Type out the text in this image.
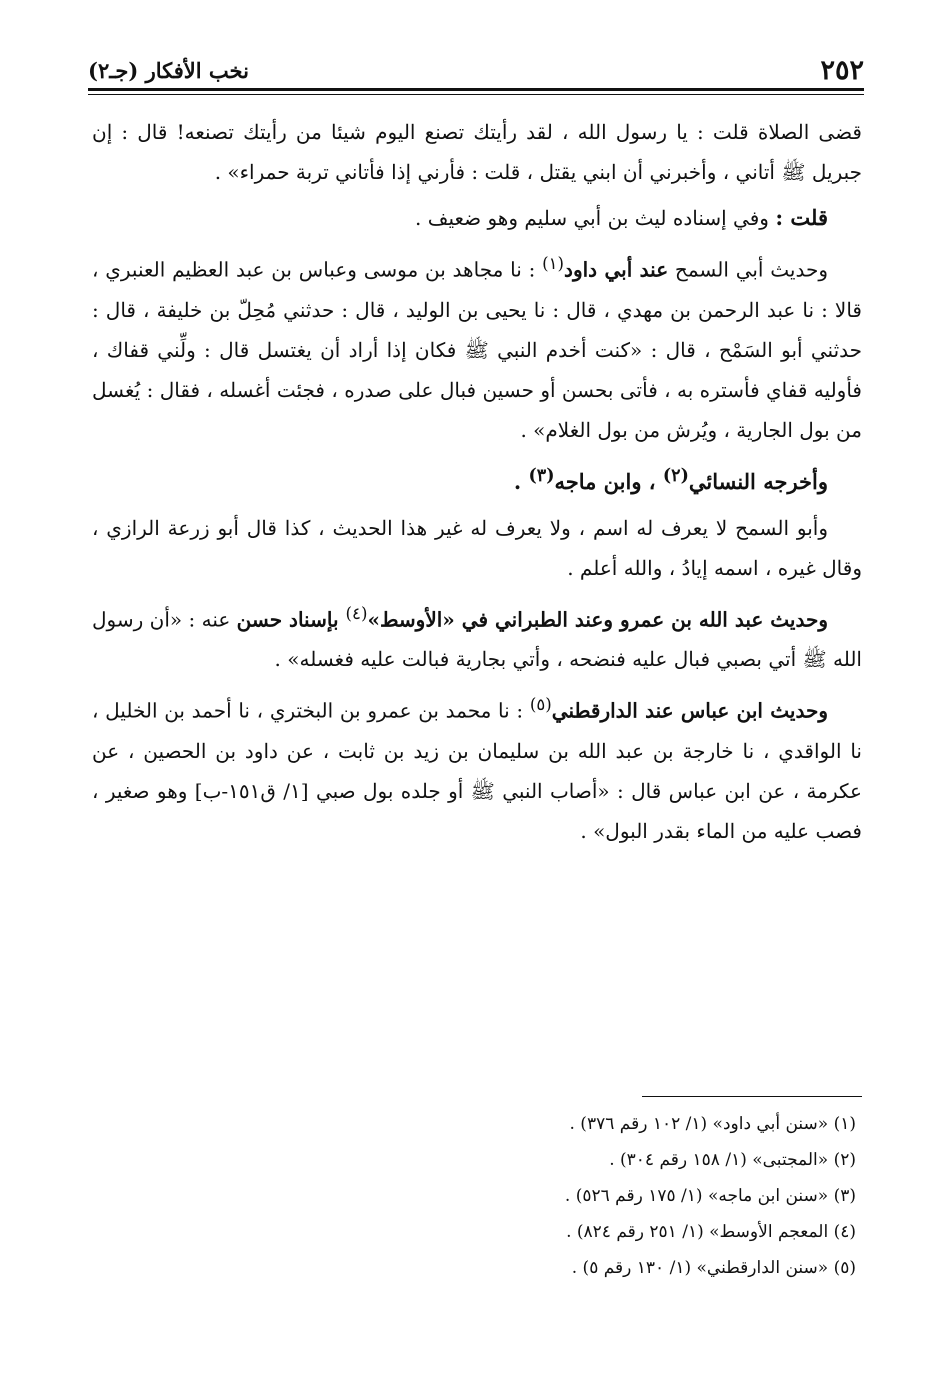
٢٥٢
نخب الأفكار (جـ٢)

قضى الصلاة قلت : يا رسول الله ، لقد رأيتك تصنع اليوم شيئا من رأيتك تصنعه! قال : إن جبريل ﷺ أتاني ، وأخبرني أن ابني يقتل ، قلت : فأرني إذا فأتاني تربة حمراء» .

قلت : وفي إسناده ليث بن أبي سليم وهو ضعيف .

وحديث أبي السمح عند أبي داود$^{(١)}$ : نا مجاهد بن موسى وعباس بن عبد العظيم العنبري ، قالا : نا عبد الرحمن بن مهدي ، قال : نا يحيى بن الوليد ، قال : حدثني مُحِلّ بن خليفة ، قال : حدثني أبو السَمْح ، قال : «كنت أخدم النبي ﷺ فكان إذا أراد أن يغتسل قال : ولِّني قفاك ، فأوليه قفاي فأستره به ، فأتى بحسن أو حسين فبال على صدره ، فجئت أغسله ، فقال : يُغسل من بول الجارية ، ويُرش من بول الغلام» .

وأخرجه النسائي$^{(٢)}$ ، وابن ماجه$^{(٣)}$ .

وأبو السمح لا يعرف له اسم ، ولا يعرف له غير هذا الحديث ، كذا قال أبو زرعة الرازي ، وقال غيره ، اسمه إيادُ ، والله أعلم .

وحديث عبد الله بن عمرو وعند الطبراني في «الأوسط»$^{(٤)}$ بإسناد حسن عنه : «أن رسول الله ﷺ أتي بصبي فبال عليه فنضحه ، وأتي بجارية فبالت عليه فغسله» .

وحديث ابن عباس عند الدارقطني$^{(٥)}$ : نا محمد بن عمرو بن البختري ، نا أحمد بن الخليل ، نا الواقدي ، نا خارجة بن عبد الله بن سليمان بن زيد بن ثابت ، عن داود بن الحصين ، عن عكرمة ، عن ابن عباس قال : «أصاب النبي ﷺ أو جلده بول صبي [١/ ق١٥١-ب] وهو صغير ، فصب عليه من الماء بقدر البول» .

(١) «سنن أبي داود» (١/ ١٠٢ رقم ٣٧٦) .
(٢) «المجتبى» (١/ ١٥٨ رقم ٣٠٤) .
(٣) «سنن ابن ماجه» (١/ ١٧٥ رقم ٥٢٦) .
(٤) المعجم الأوسط» (١/ ٢٥١ رقم ٨٢٤) .
(٥) «سنن الدارقطني» (١/ ١٣٠ رقم ٥) .
